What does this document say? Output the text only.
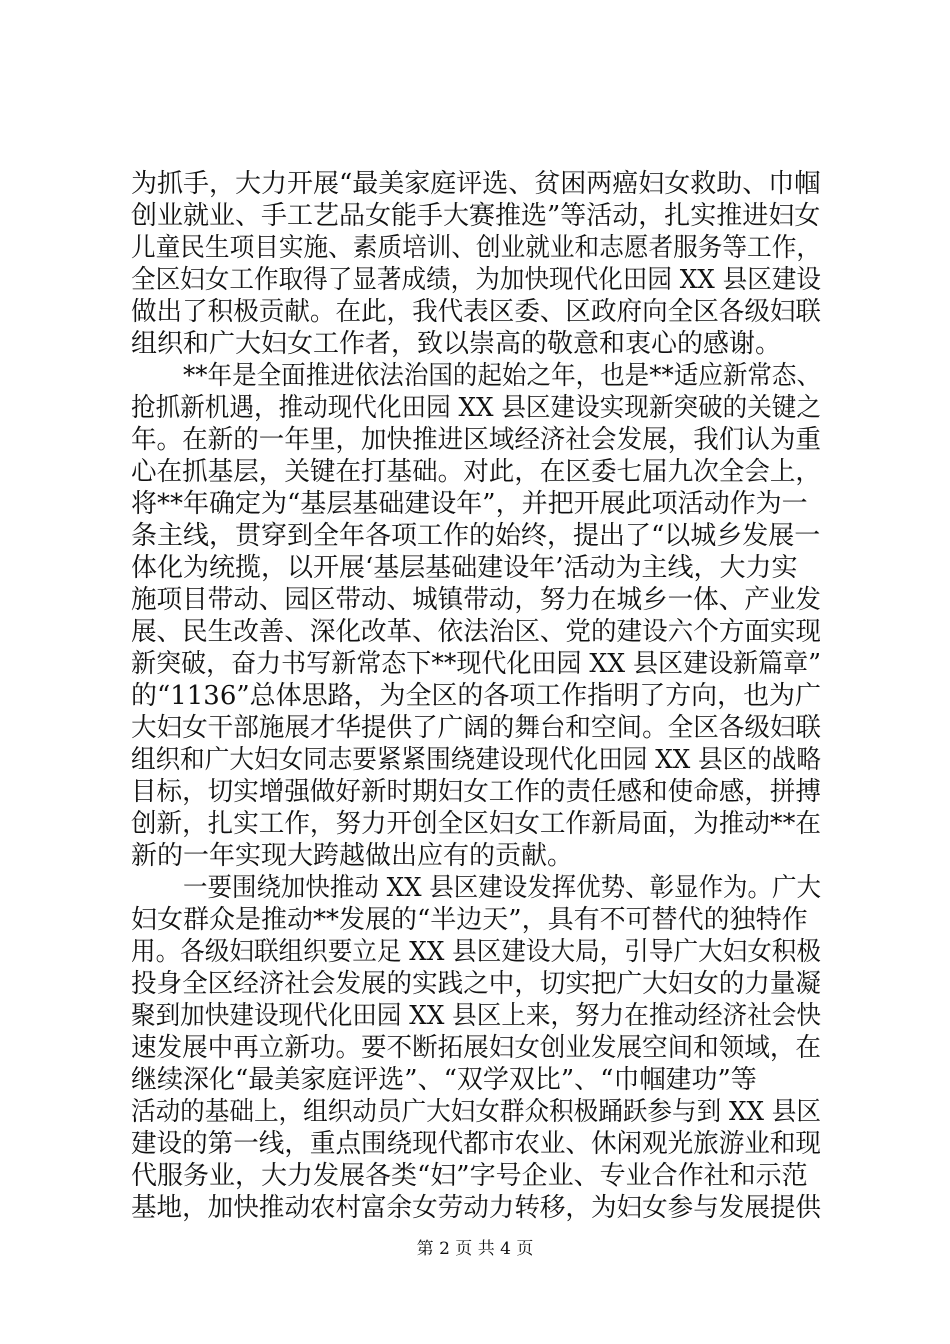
为抓手，大力开展“最美家庭评选、贫困两癌妇女救助、巾帼
创业就业、手工艺品女能手大赛推选”等活动，扎实推进妇女
儿童民生项目实施、素质培训、创业就业和志愿者服务等工作，
全区妇女工作取得了显著成绩，为加快现代化田园 XX 县区建设
做出了积极贡献。在此，我代表区委、区政府向全区各级妇联
组织和广大妇女工作者，致以崇高的敬意和衷心的感谢。
**年是全面推进依法治国的起始之年，也是**适应新常态、
抢抓新机遇，推动现代化田园 XX 县区建设实现新突破的关键之
年。在新的一年里，加快推进区域经济社会发展，我们认为重
心在抓基层，关键在打基础。对此，在区委七届九次全会上，
将**年确定为“基层基础建设年”，并把开展此项活动作为一
条主线，贯穿到全年各项工作的始终，提出了“以城乡发展一
体化为统揽，以开展‘基层基础建设年’活动为主线，大力实
施项目带动、园区带动、城镇带动，努力在城乡一体、产业发
展、民生改善、深化改革、依法治区、党的建设六个方面实现
新突破，奋力书写新常态下**现代化田园 XX 县区建设新篇章”
的“1136”总体思路，为全区的各项工作指明了方向，也为广
大妇女干部施展才华提供了广阔的舞台和空间。全区各级妇联
组织和广大妇女同志要紧紧围绕建设现代化田园 XX 县区的战略
目标，切实增强做好新时期妇女工作的责任感和使命感，拼搏
创新，扎实工作，努力开创全区妇女工作新局面，为推动**在
新的一年实现大跨越做出应有的贡献。
一要围绕加快推动 XX 县区建设发挥优势、彰显作为。广大
妇女群众是推动**发展的“半边天”，具有不可替代的独特作
用。各级妇联组织要立足 XX 县区建设大局，引导广大妇女积极
投身全区经济社会发展的实践之中，切实把广大妇女的力量凝
聚到加快建设现代化田园 XX 县区上来，努力在推动经济社会快
速发展中再立新功。要不断拓展妇女创业发展空间和领域，在
继续深化“最美家庭评选”、“双学双比”、“巾帼建功”等
活动的基础上，组织动员广大妇女群众积极踊跃参与到 XX 县区
建设的第一线，重点围绕现代都市农业、休闲观光旅游业和现
代服务业，大力发展各类“妇”字号企业、专业合作社和示范
基地，加快推动农村富余女劳动力转移，为妇女参与发展提供
第 2 页 共 4 页
